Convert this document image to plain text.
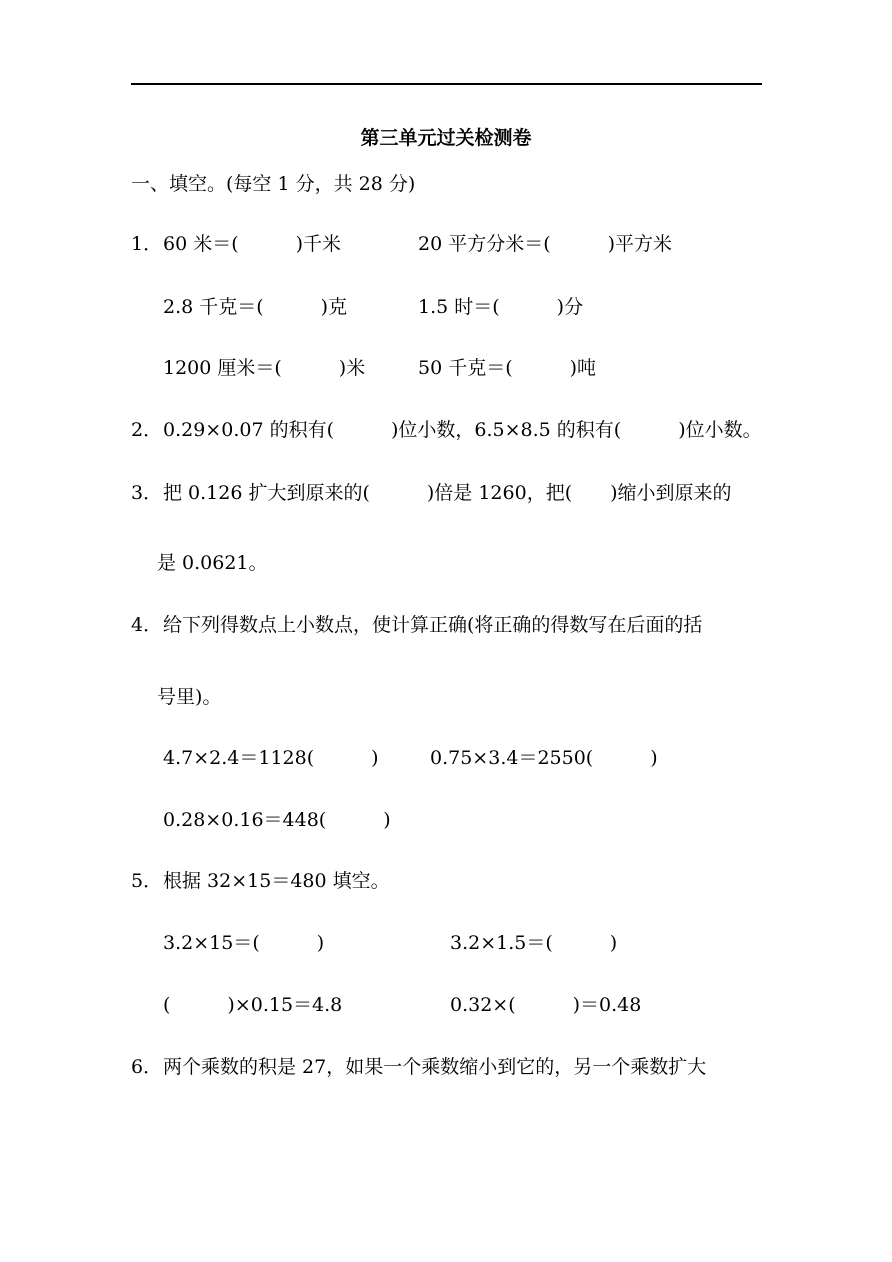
第三单元过关检测卷
一、填空。(每空 1 分，共 28 分)
1． 60 米＝(　　　)千米	20 平方分米＝(　　　)平方米
2.8 千克＝(　　　)克	1.5 时＝(　　　)分
1200 厘米＝(　　　)米	50 千克＝(　　　)吨
2． 0.29×0.07 的积有(　　　)位小数，6.5×8.5 的积有(　　　)位小数。
3． 把 0.126 扩大到原来的(　　　)倍是 1260，把(　　)缩小到原来的
是 0.0621。
4． 给下列得数点上小数点，使计算正确(将正确的得数写在后面的括
号里)。
4.7×2.4＝1128(　　　)	0.75×3.4＝2550(　　　)
0.28×0.16＝448(　　　)
5． 根据 32×15＝480 填空。
3.2×15＝(　　　)	3.2×1.5＝(　　　)
(　　　)×0.15＝4.8	0.32×(　　　)＝0.48
6． 两个乘数的积是 27，如果一个乘数缩小到它的，另一个乘数扩大
